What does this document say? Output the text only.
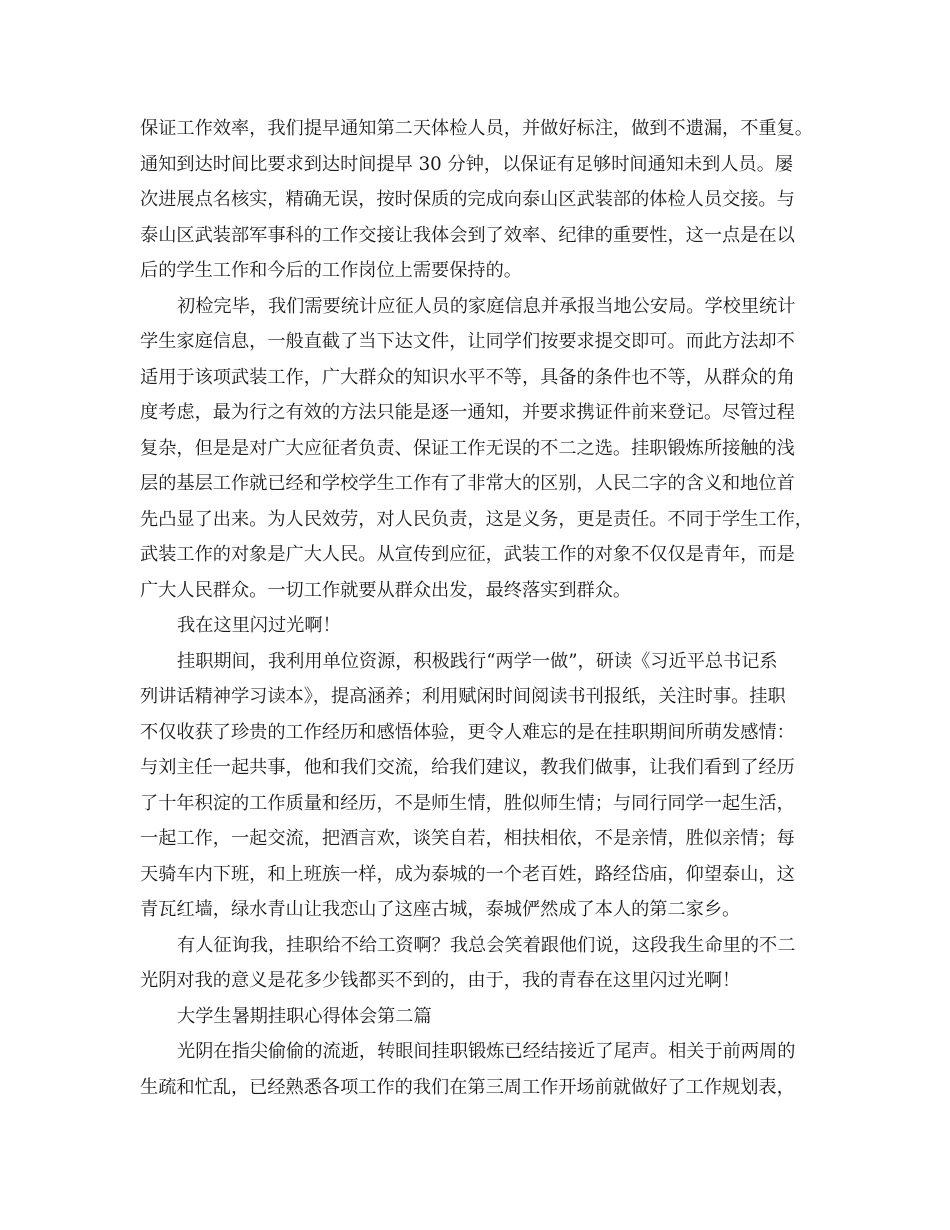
保证工作效率，我们提早通知第二天体检人员，并做好标注，做到不遗漏，不重复。
通知到达时间比要求到达时间提早 30 分钟，以保证有足够时间通知未到人员。屡
次进展点名核实，精确无误，按时保质的完成向泰山区武装部的体检人员交接。与
泰山区武装部军事科的工作交接让我体会到了效率、纪律的重要性，这一点是在以
后的学生工作和今后的工作岗位上需要保持的。
初检完毕，我们需要统计应征人员的家庭信息并承报当地公安局。学校里统计
学生家庭信息，一般直截了当下达文件，让同学们按要求提交即可。而此方法却不
适用于该项武装工作，广大群众的知识水平不等，具备的条件也不等，从群众的角
度考虑，最为行之有效的方法只能是逐一通知，并要求携证件前来登记。尽管过程
复杂，但是是对广大应征者负责、保证工作无误的不二之选。挂职锻炼所接触的浅
层的基层工作就已经和学校学生工作有了非常大的区别，人民二字的含义和地位首
先凸显了出来。为人民效劳，对人民负责，这是义务，更是责任。不同于学生工作，
武装工作的对象是广大人民。从宣传到应征，武装工作的对象不仅仅是青年，而是
广大人民群众。一切工作就要从群众出发，最终落实到群众。
我在这里闪过光啊！
挂职期间，我利用单位资源，积极践行“两学一做”，研读《习近平总书记系
列讲话精神学习读本》，提高涵养；利用赋闲时间阅读书刊报纸，关注时事。挂职
不仅收获了珍贵的工作经历和感悟体验，更令人难忘的是在挂职期间所萌发感情：
与刘主任一起共事，他和我们交流，给我们建议，教我们做事，让我们看到了经历
了十年积淀的工作质量和经历，不是师生情，胜似师生情；与同行同学一起生活，
一起工作，一起交流，把酒言欢，谈笑自若，相扶相依，不是亲情，胜似亲情；每
天骑车内下班，和上班族一样，成为泰城的一个老百姓，路经岱庙，仰望泰山，这
青瓦红墙，绿水青山让我恋山了这座古城，泰城俨然成了本人的第二家乡。
有人征询我，挂职给不给工资啊？我总会笑着跟他们说，这段我生命里的不二
光阴对我的意义是花多少钱都买不到的，由于，我的青春在这里闪过光啊！
大学生暑期挂职心得体会第二篇
光阴在指尖偷偷的流逝，转眼间挂职锻炼已经结接近了尾声。相关于前两周的
生疏和忙乱，已经熟悉各项工作的我们在第三周工作开场前就做好了工作规划表，
